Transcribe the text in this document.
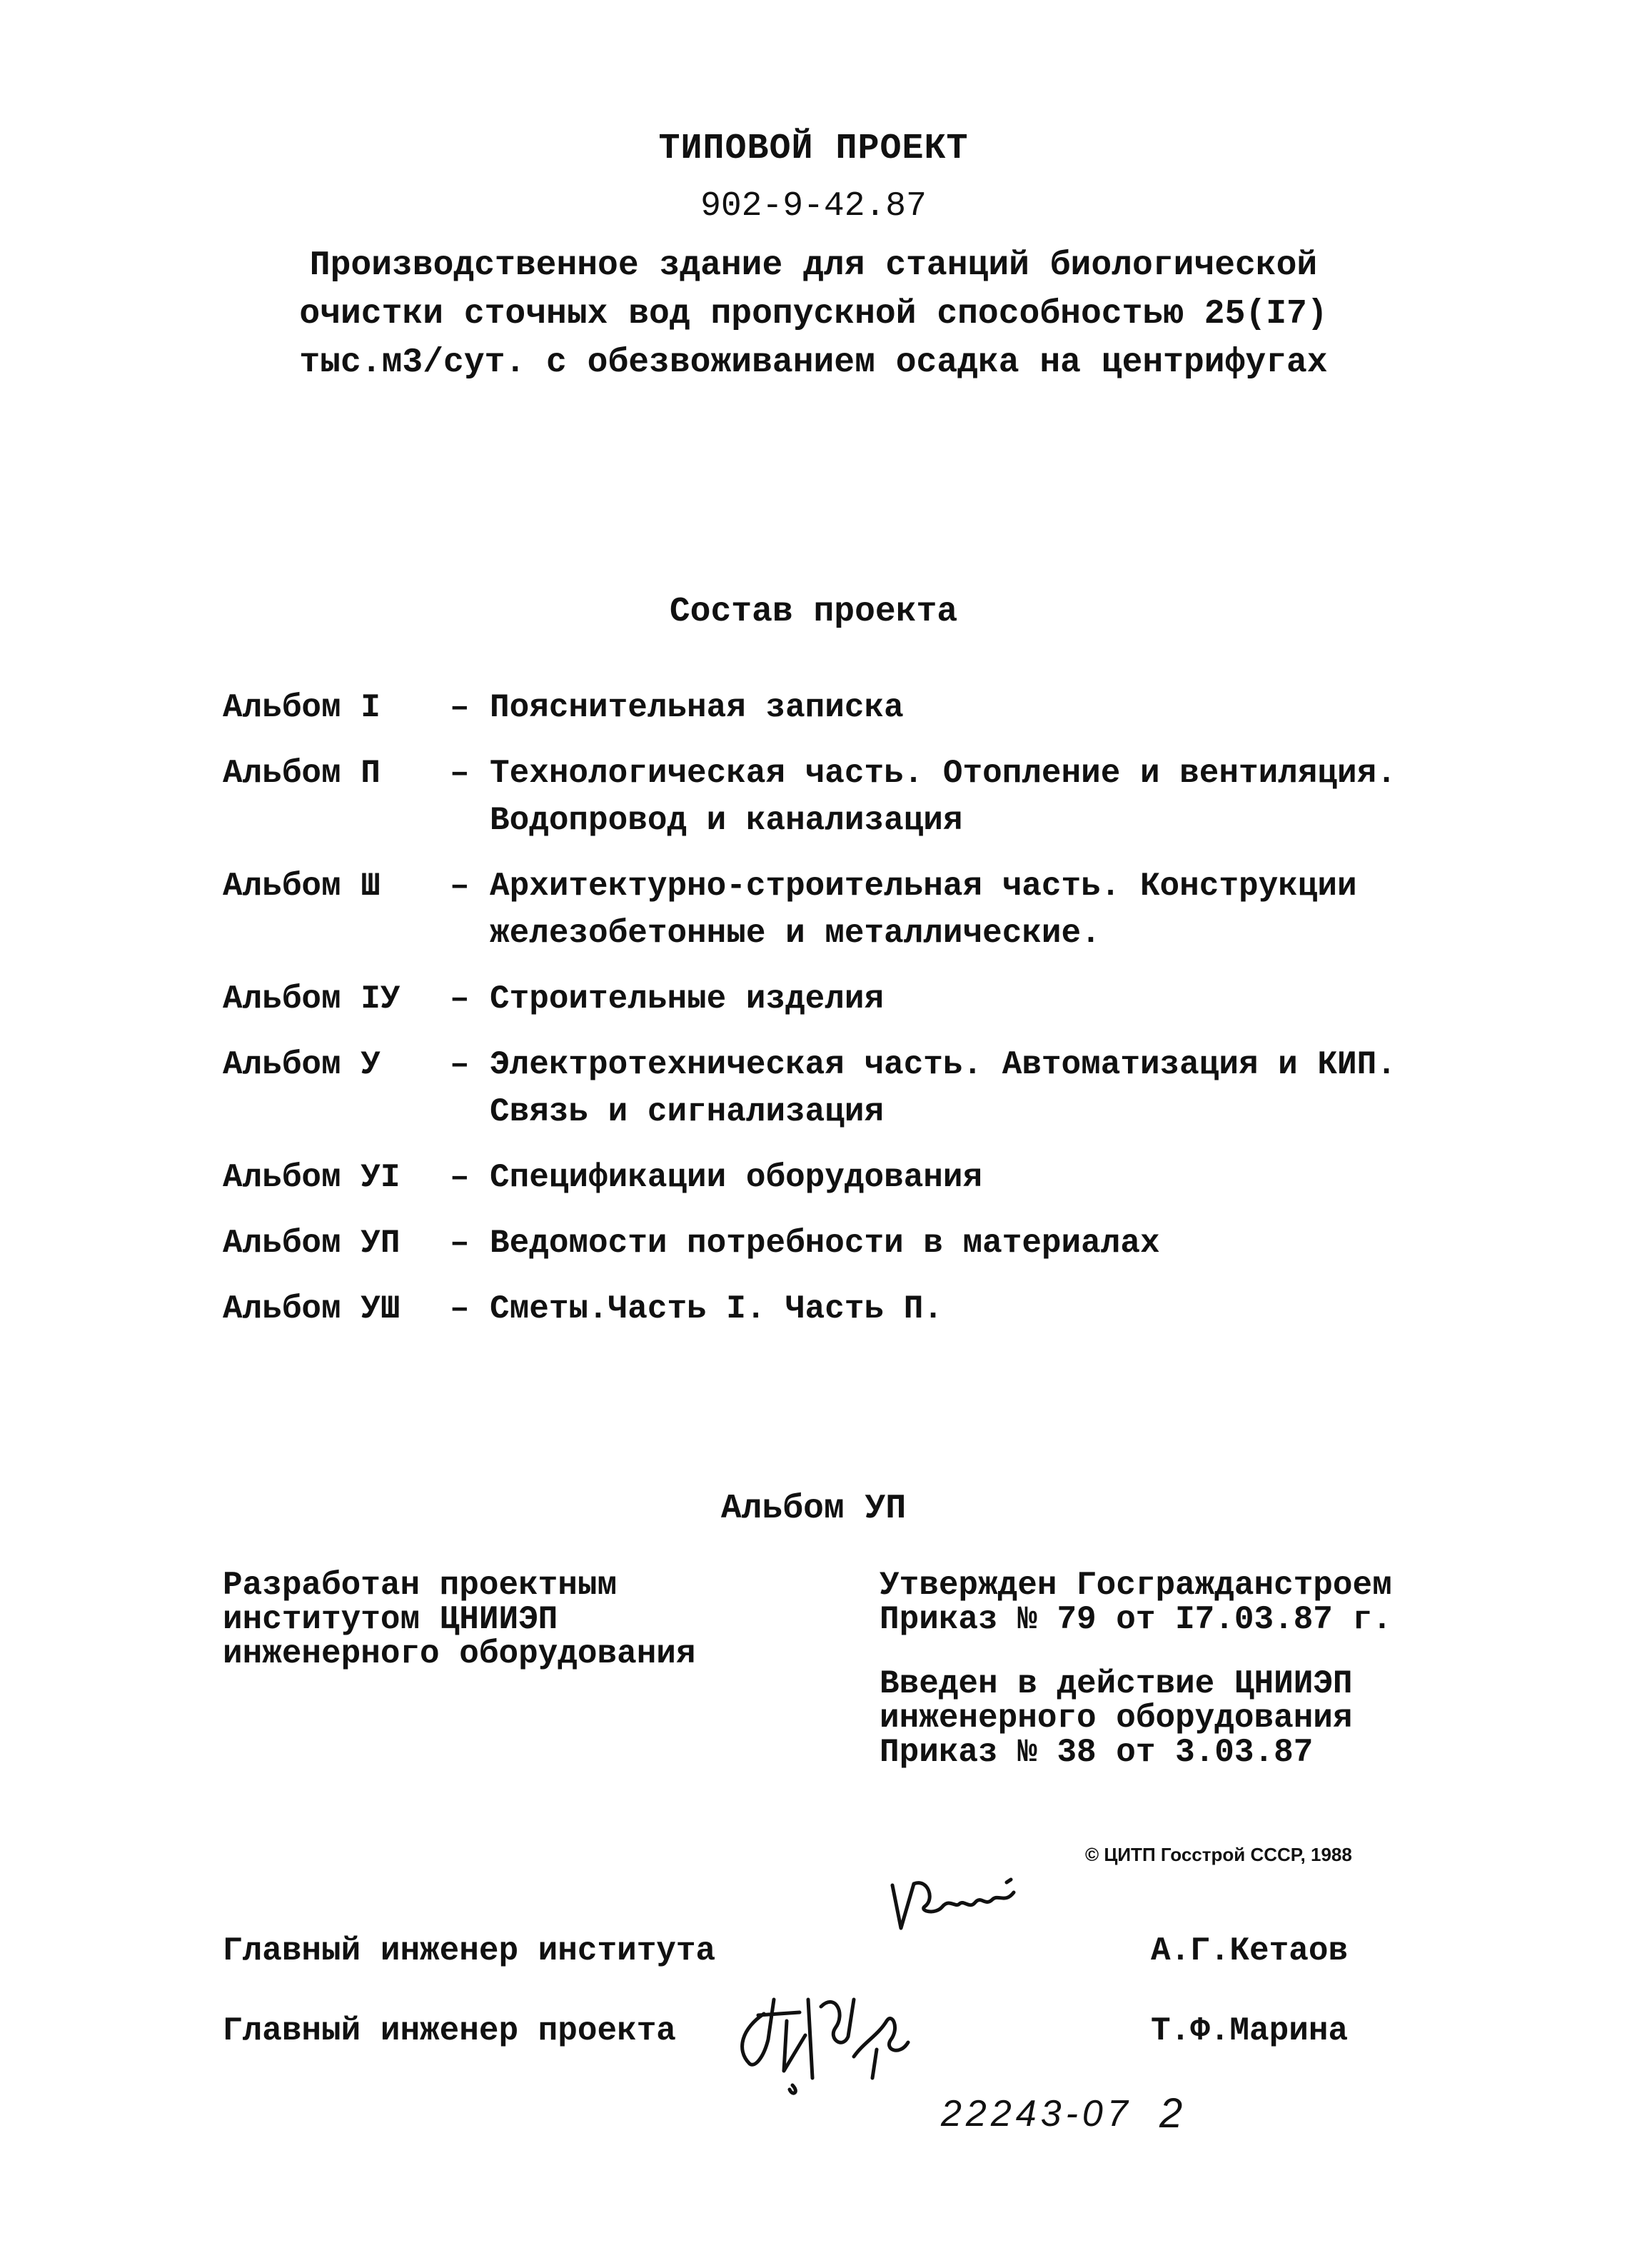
ТИПОВОЙ ПРОЕКТ
902-9-42.87
Производственное здание для станций биологической
очистки сточных вод пропускной способностью 25(I7)
тыс.м3/сут. с обезвоживанием осадка на центрифугах
Состав проекта
Альбом I	– Пояснительная записка
Альбом П	– Технологическая часть. Отопление и вентиляция.
Водопровод и канализация
Альбом Ш	– Архитектурно-строительная часть. Конструкции
железобетонные и металлические.
Альбом IУ	– Строительные изделия
Альбом У	– Электротехническая часть. Автоматизация и КИП.
Связь и сигнализация
Альбом УI	– Спецификации оборудования
Альбом УП	– Ведомости потребности в материалах
Альбом УШ	– Сметы.Часть I. Часть П.
Альбом УП
Разработан проектным
институтом ЦНИИЭП
инженерного оборудования
Утвержден Госгражданстроем
Приказ № 79 от I7.03.87 г.
Введен в действие ЦНИИЭП
инженерного оборудования
Приказ № 38 от 3.03.87
© ЦИТП Госстрой СССР, 1988
Главный инженер института	А.Г.Кетаов
Главный инженер проекта	Т.Ф.Марина
22243-07 2
